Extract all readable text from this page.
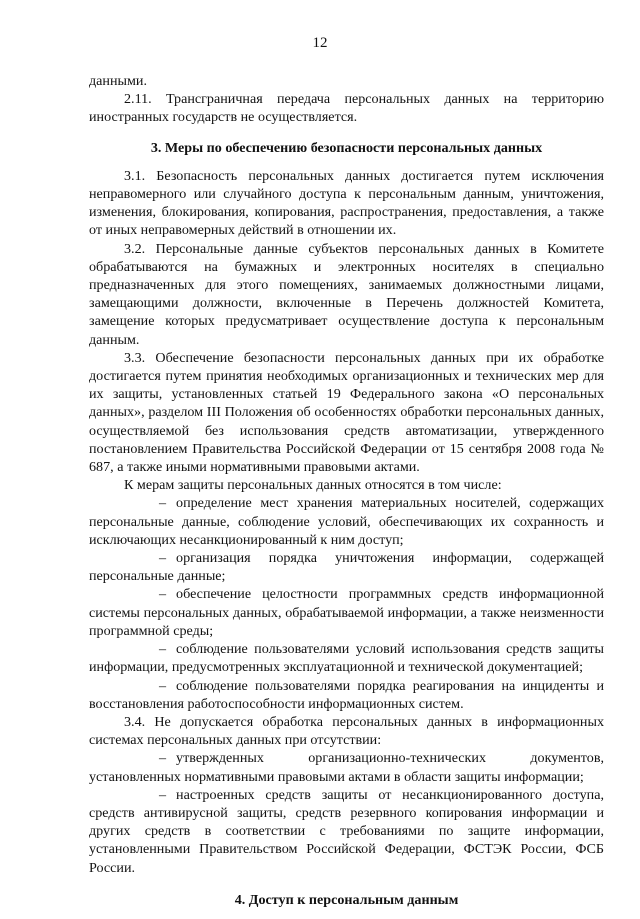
12

данными.

2.11. Трансграничная передача персональных данных на территорию иностранных государств не осуществляется.

3. Меры по обеспечению безопасности персональных данных

3.1. Безопасность персональных данных достигается путем исключения неправомерного или случайного доступа к персональным данным, уничтожения, изменения, блокирования, копирования, распространения, предоставления, а также от иных неправомерных действий в отношении их.

3.2. Персональные данные субъектов персональных данных в Комитете обрабатываются на бумажных и электронных носителях в специально предназначенных для этого помещениях, занимаемых должностными лицами, замещающими должности, включенные в Перечень должностей Комитета, замещение которых предусматривает осуществление доступа к персональным данным.

3.3. Обеспечение безопасности персональных данных при их обработке достигается путем принятия необходимых организационных и технических мер для их защиты, установленных статьей 19 Федерального закона «О персональных данных», разделом III Положения об особенностях обработки персональных данных, осуществляемой без использования средств автоматизации, утвержденного постановлением Правительства Российской Федерации от 15 сентября 2008 года № 687, а также иными нормативными правовыми актами.

К мерам защиты персональных данных относятся в том числе:

– определение мест хранения материальных носителей, содержащих персональные данные, соблюдение условий, обеспечивающих их сохранность и исключающих несанкционированный к ним доступ;

– организация порядка уничтожения информации, содержащей персональные данные;

– обеспечение целостности программных средств информационной системы персональных данных, обрабатываемой информации, а также неизменности программной среды;

– соблюдение пользователями условий использования средств защиты информации, предусмотренных эксплуатационной и технической документацией;

– соблюдение пользователями порядка реагирования на инциденты и восстановления работоспособности информационных систем.

3.4. Не допускается обработка персональных данных в информационных системах персональных данных при отсутствии:

– утвержденных организационно-технических документов, установленных нормативными правовыми актами в области защиты информации;

– настроенных средств защиты от несанкционированного доступа, средств антивирусной защиты, средств резервного копирования информации и других средств в соответствии с требованиями по защите информации, установленными Правительством Российской Федерации, ФСТЭК России, ФСБ России.

4. Доступ к персональным данным
